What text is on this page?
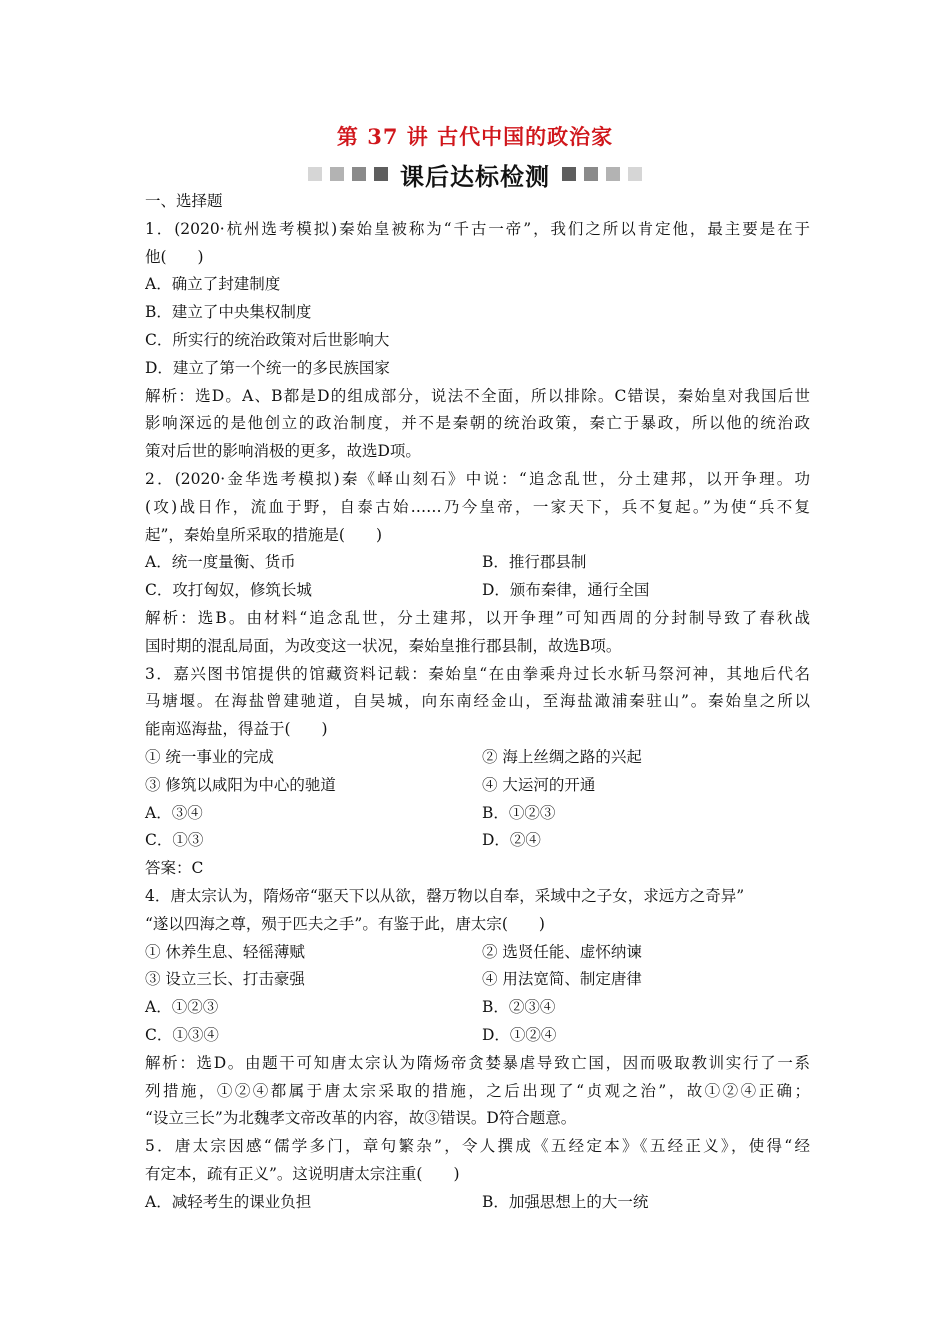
第 37 讲 古代中国的政治家
课后达标检测
一、选择题
1．(2020·杭州选考模拟)秦始皇被称为“千古一帝”，我们之所以肯定他，最主要是在于
他(　　)
A．确立了封建制度
B．建立了中央集权制度
C．所实行的统治政策对后世影响大
D．建立了第一个统一的多民族国家
解析：选D。A、B都是D的组成部分，说法不全面，所以排除。C错误，秦始皇对我国后世
影响深远的是他创立的政治制度，并不是秦朝的统治政策，秦亡于暴政，所以他的统治政
策对后世的影响消极的更多，故选D项。
2．(2020·金华选考模拟)秦《峄山刻石》中说：“追念乱世，分土建邦，以开争理。功
(攻)战日作，流血于野，自泰古始……乃今皇帝，一家天下，兵不复起。”为使“兵不复
起”，秦始皇所采取的措施是(　　)
A．统一度量衡、货币	B．推行郡县制
C．攻打匈奴，修筑长城	D．颁布秦律，通行全国
解析：选B。由材料“追念乱世，分土建邦，以开争理”可知西周的分封制导致了春秋战
国时期的混乱局面，为改变这一状况，秦始皇推行郡县制，故选B项。
3．嘉兴图书馆提供的馆藏资料记载：秦始皇“在由拳乘舟过长水斩马祭河神，其地后代名
马塘堰。在海盐曾建驰道，自吴城，向东南经金山，至海盐澉浦秦驻山”。秦始皇之所以
能南巡海盐，得益于(　　)
① 统一事业的完成	② 海上丝绸之路的兴起
③ 修筑以咸阳为中心的驰道	④ 大运河的开通
A．③④	B．①②③
C．①③	D．②④
答案：C
4．唐太宗认为，隋炀帝“驱天下以从欲，罄万物以自奉，采域中之子女，求远方之奇异”
“遂以四海之尊，殒于匹夫之手”。有鉴于此，唐太宗(　　)
① 休养生息、轻徭薄赋	② 选贤任能、虚怀纳谏
③ 设立三长、打击豪强	④ 用法宽简、制定唐律
A．①②③	B．②③④
C．①③④	D．①②④
解析：选D。由题干可知唐太宗认为隋炀帝贪婪暴虐导致亡国，因而吸取教训实行了一系
列措施，①②④都属于唐太宗采取的措施，之后出现了“贞观之治”，故①②④正确；
“设立三长”为北魏孝文帝改革的内容，故③错误。D符合题意。
5．唐太宗因感“儒学多门，章句繁杂”，令人撰成《五经定本》《五经正义》，使得“经
有定本，疏有正义”。这说明唐太宗注重(　　)
A．减轻考生的课业负担	B．加强思想上的大一统
